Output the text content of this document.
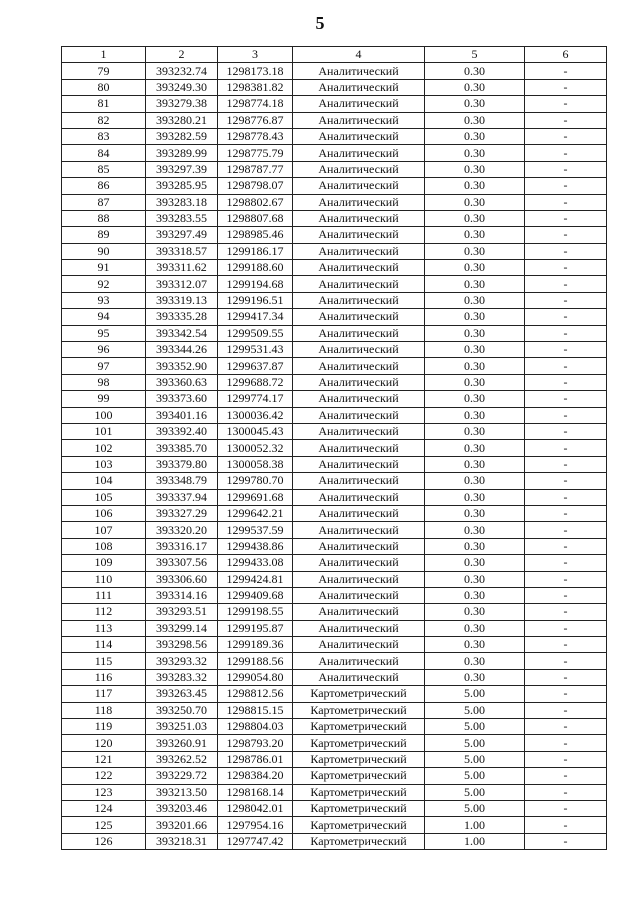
5
1	2	3	4	5	6
79	393232.74	1298173.18	Аналитический	0.30	-
80	393249.30	1298381.82	Аналитический	0.30	-
81	393279.38	1298774.18	Аналитический	0.30	-
82	393280.21	1298776.87	Аналитический	0.30	-
83	393282.59	1298778.43	Аналитический	0.30	-
84	393289.99	1298775.79	Аналитический	0.30	-
85	393297.39	1298787.77	Аналитический	0.30	-
86	393285.95	1298798.07	Аналитический	0.30	-
87	393283.18	1298802.67	Аналитический	0.30	-
88	393283.55	1298807.68	Аналитический	0.30	-
89	393297.49	1298985.46	Аналитический	0.30	-
90	393318.57	1299186.17	Аналитический	0.30	-
91	393311.62	1299188.60	Аналитический	0.30	-
92	393312.07	1299194.68	Аналитический	0.30	-
93	393319.13	1299196.51	Аналитический	0.30	-
94	393335.28	1299417.34	Аналитический	0.30	-
95	393342.54	1299509.55	Аналитический	0.30	-
96	393344.26	1299531.43	Аналитический	0.30	-
97	393352.90	1299637.87	Аналитический	0.30	-
98	393360.63	1299688.72	Аналитический	0.30	-
99	393373.60	1299774.17	Аналитический	0.30	-
100	393401.16	1300036.42	Аналитический	0.30	-
101	393392.40	1300045.43	Аналитический	0.30	-
102	393385.70	1300052.32	Аналитический	0.30	-
103	393379.80	1300058.38	Аналитический	0.30	-
104	393348.79	1299780.70	Аналитический	0.30	-
105	393337.94	1299691.68	Аналитический	0.30	-
106	393327.29	1299642.21	Аналитический	0.30	-
107	393320.20	1299537.59	Аналитический	0.30	-
108	393316.17	1299438.86	Аналитический	0.30	-
109	393307.56	1299433.08	Аналитический	0.30	-
110	393306.60	1299424.81	Аналитический	0.30	-
111	393314.16	1299409.68	Аналитический	0.30	-
112	393293.51	1299198.55	Аналитический	0.30	-
113	393299.14	1299195.87	Аналитический	0.30	-
114	393298.56	1299189.36	Аналитический	0.30	-
115	393293.32	1299188.56	Аналитический	0.30	-
116	393283.32	1299054.80	Аналитический	0.30	-
117	393263.45	1298812.56	Картометрический	5.00	-
118	393250.70	1298815.15	Картометрический	5.00	-
119	393251.03	1298804.03	Картометрический	5.00	-
120	393260.91	1298793.20	Картометрический	5.00	-
121	393262.52	1298786.01	Картометрический	5.00	-
122	393229.72	1298384.20	Картометрический	5.00	-
123	393213.50	1298168.14	Картометрический	5.00	-
124	393203.46	1298042.01	Картометрический	5.00	-
125	393201.66	1297954.16	Картометрический	1.00	-
126	393218.31	1297747.42	Картометрический	1.00	-
